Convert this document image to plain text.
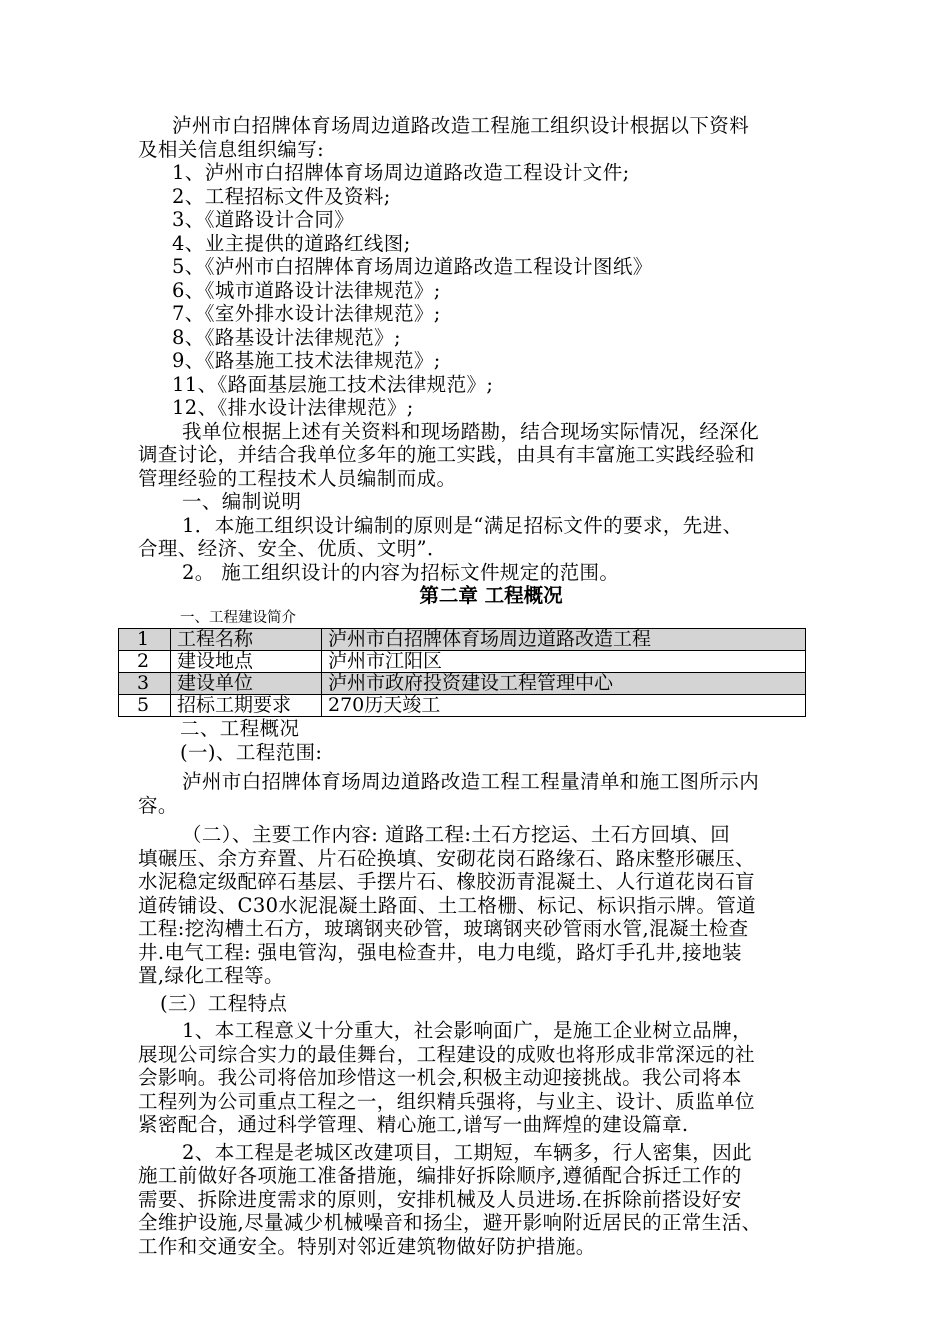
泸州市白招牌体育场周边道路改造工程施工组织设计根据以下资料
及相关信息组织编写:
1、泸州市白招牌体育场周边道路改造工程设计文件;
2、工程招标文件及资料;
3、《道路设计合同》
4、业主提供的道路红线图;
5、《泸州市白招牌体育场周边道路改造工程设计图纸》
6、《城市道路设计法律规范》;
7、《室外排水设计法律规范》;
8、《路基设计法律规范》;
9、《路基施工技术法律规范》;
11、《路面基层施工技术法律规范》;
12、《排水设计法律规范》;
我单位根据上述有关资料和现场踏勘，结合现场实际情况，经深化
调查讨论，并结合我单位多年的施工实践，由具有丰富施工实践经验和
管理经验的工程技术人员编制而成。
一、编制说明
1．本施工组织设计编制的原则是“满足招标文件的要求，先进、
合理、经济、安全、优质、文明”．
2。 施工组织设计的内容为招标文件规定的范围。
第二章 工程概况
一、工程建设简介
1	工程名称	泸州市白招牌体育场周边道路改造工程
2	建设地点	泸州市江阳区
3	建设单位	泸州市政府投资建设工程管理中心
5	招标工期要求	270历天竣工
二、工程概况
(一)、工程范围:
泸州市白招牌体育场周边道路改造工程工程量清单和施工图所示内
容。
（二）、主要工作内容: 道路工程:土石方挖运、土石方回填、回
填碾压、余方弃置、片石砼换填、安砌花岗石路缘石、路床整形碾压、
水泥稳定级配碎石基层、手摆片石、橡胶沥青混凝土、人行道花岗石盲
道砖铺设、C30水泥混凝土路面、土工格栅、标记、标识指示牌。管道
工程:挖沟槽土石方，玻璃钢夹砂管，玻璃钢夹砂管雨水管,混凝土检查
井.电气工程: 强电管沟，强电检查井，电力电缆，路灯手孔井,接地装
置,绿化工程等。
(三）工程特点
1、本工程意义十分重大，社会影响面广，是施工企业树立品牌，
展现公司综合实力的最佳舞台，工程建设的成败也将形成非常深远的社
会影响。我公司将倍加珍惜这一机会,积极主动迎接挑战。我公司将本
工程列为公司重点工程之一，组织精兵强将，与业主、设计、质监单位
紧密配合，通过科学管理、精心施工,谱写一曲辉煌的建设篇章.
2、本工程是老城区改建项目，工期短，车辆多，行人密集，因此
施工前做好各项施工准备措施，编排好拆除顺序,遵循配合拆迁工作的
需要、拆除进度需求的原则，安排机械及人员进场.在拆除前搭设好安
全维护设施,尽量减少机械噪音和扬尘，避开影响附近居民的正常生活、
工作和交通安全。特别对邻近建筑物做好防护措施。
